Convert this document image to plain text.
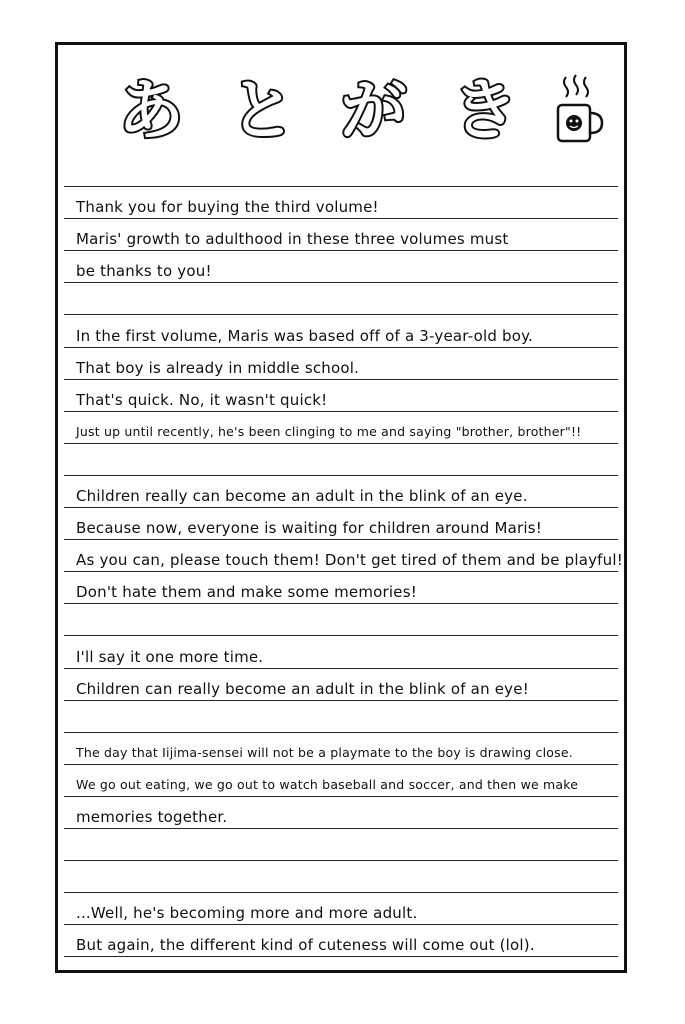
あ と が き
Thank you for buying the third volume!
Maris' growth to adulthood in these three volumes must
be thanks to you!
In the first volume, Maris was based off of a 3-year-old boy.
That boy is already in middle school.
That's quick. No, it wasn't quick!
Just up until recently, he's been clinging to me and saying "brother, brother"!!
Children really can become an adult in the blink of an eye.
Because now, everyone is waiting for children around Maris!
As you can, please touch them! Don't get tired of them and be playful!
Don't hate them and make some memories!
I'll say it one more time.
Children can really become an adult in the blink of an eye!
The day that Iijima-sensei will not be a playmate to the boy is drawing close.
We go out eating, we go out to watch baseball and soccer, and then we make
memories together.
...Well, he's becoming more and more adult.
But again, the different kind of cuteness will come out (lol).
